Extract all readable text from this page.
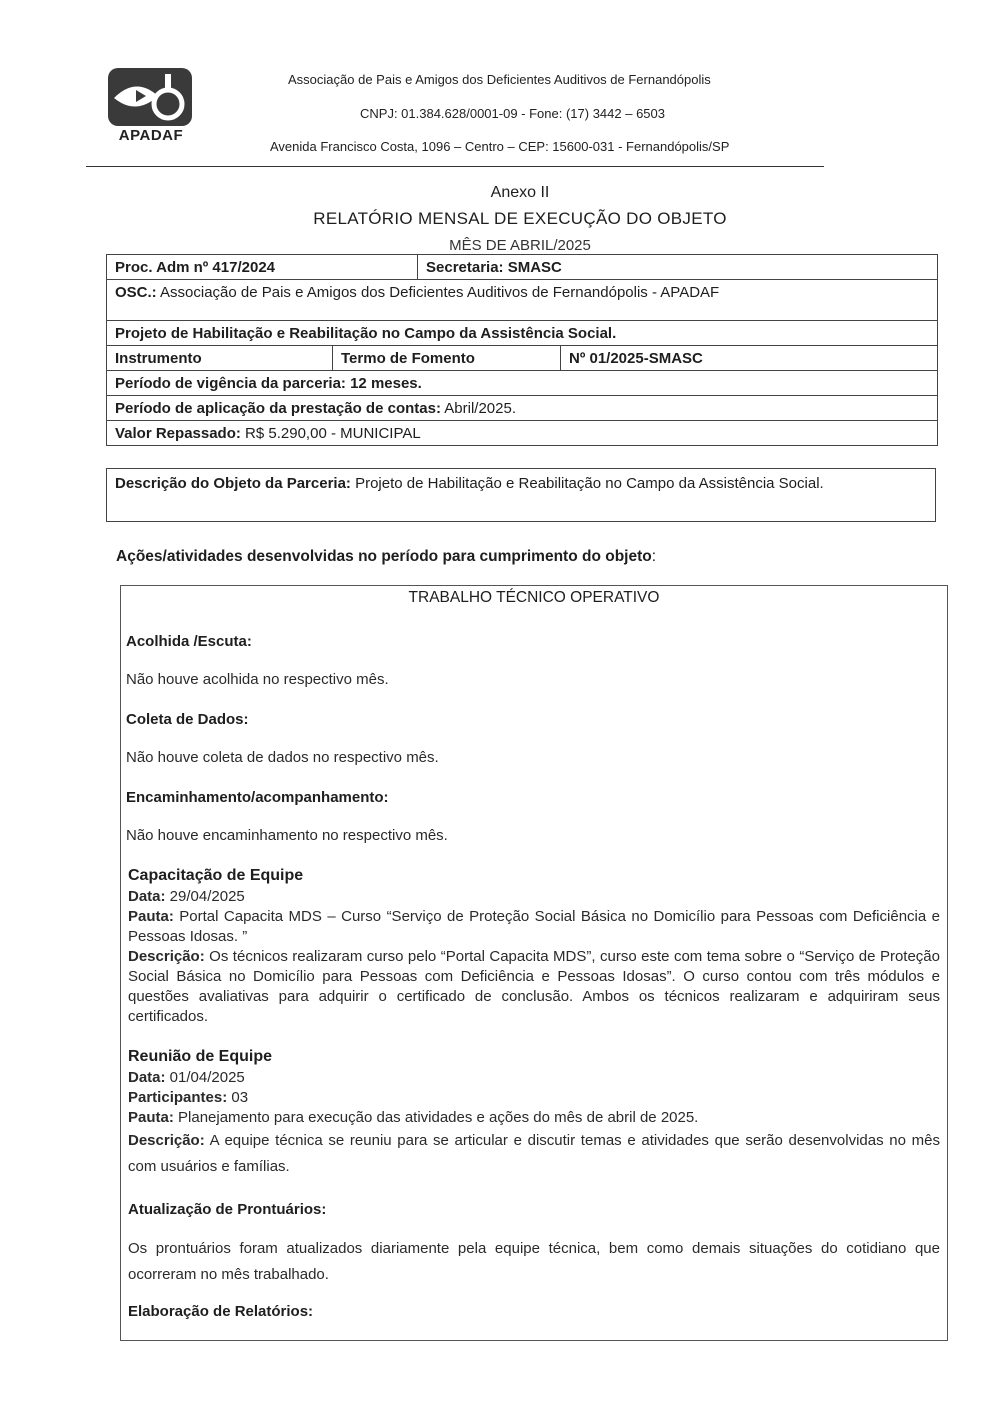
APADAF
Associação de Pais e Amigos dos Deficientes Auditivos de Fernandópolis
CNPJ: 01.384.628/0001-09 - Fone: (17) 3442 – 6503
Avenida Francisco Costa, 1096 – Centro – CEP: 15600-031 - Fernandópolis/SP
Anexo II
RELATÓRIO MENSAL DE EXECUÇÃO DO OBJETO
MÊS DE ABRIL/2025
Proc. Adm nº 417/2024	Secretaria: SMASC
OSC.: Associação de Pais e Amigos dos Deficientes Auditivos de Fernandópolis - APADAF
Projeto de Habilitação e Reabilitação no Campo da Assistência Social.
Instrumento	Termo de Fomento	Nº 01/2025-SMASC
Período de vigência da parceria: 12 meses.
Período de aplicação da prestação de contas: Abril/2025.
Valor Repassado: R$ 5.290,00 - MUNICIPAL
Descrição do Objeto da Parceria: Projeto de Habilitação e Reabilitação no Campo da Assistência Social.
Ações/atividades desenvolvidas no período para cumprimento do objeto:
TRABALHO TÉCNICO OPERATIVO
Acolhida /Escuta:
Não houve acolhida no respectivo mês.
Coleta de Dados:
Não houve coleta de dados no respectivo mês.
Encaminhamento/acompanhamento:
Não houve encaminhamento no respectivo mês.
Capacitação de Equipe
Data: 29/04/2025
Pauta: Portal Capacita MDS – Curso “Serviço de Proteção Social Básica no Domicílio para Pessoas com Deficiência e Pessoas Idosas. ”
Descrição: Os técnicos realizaram curso pelo “Portal Capacita MDS”, curso este com tema sobre o “Serviço de Proteção Social Básica no Domicílio para Pessoas com Deficiência e Pessoas Idosas”. O curso contou com três módulos e questões avaliativas para adquirir o certificado de conclusão. Ambos os técnicos realizaram e adquiriram seus certificados.
Reunião de Equipe
Data: 01/04/2025
Participantes: 03
Pauta: Planejamento para execução das atividades e ações do mês de abril de 2025.
Descrição: A equipe técnica se reuniu para se articular e discutir temas e atividades que serão desenvolvidas no mês com usuários e famílias.
Atualização de Prontuários:
Os prontuários foram atualizados diariamente pela equipe técnica, bem como demais situações do cotidiano que ocorreram no mês trabalhado.
Elaboração de Relatórios:
